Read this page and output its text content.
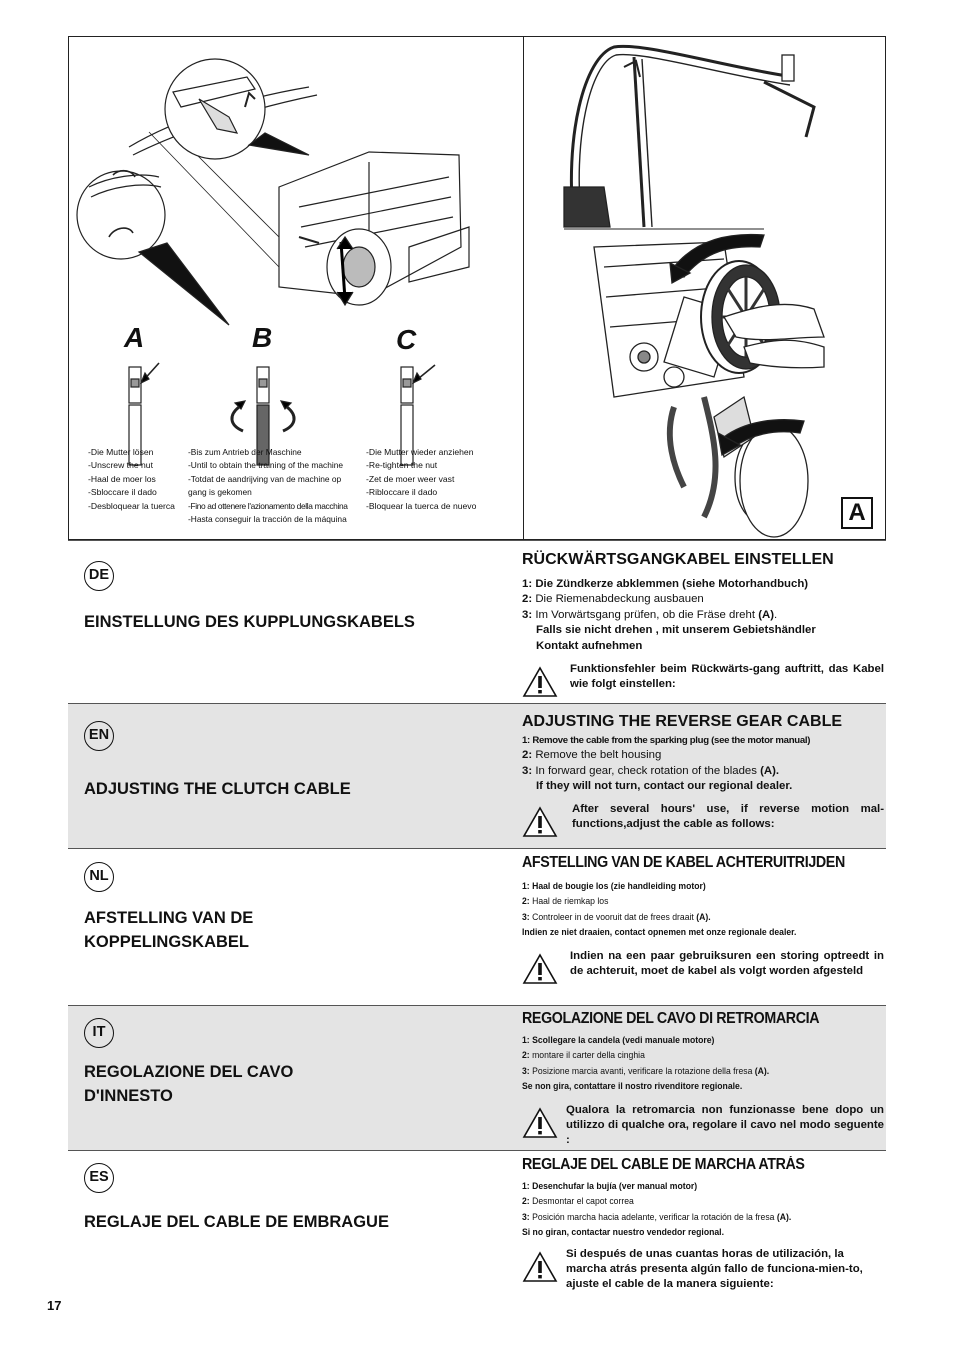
A	B	C
-Die Mutter lösen
-Unscrew the nut
-Haal de moer los
-Sbloccare il dado
-Desbloquear la tuerca
-Bis zum Antrieb der Maschine
-Until to obtain the training of the machine
-Totdat de aandrijving van de machine op
gang is gekomen
-Fino ad ottenere l'azionamento della macchina
-Hasta conseguir la tracción de la máquina
-Die Mutter wieder anziehen
-Re-tighten the nut
-Zet de moer weer vast
-Ribloccare il dado
-Bloquear la tuerca de nuevo	A
DE
EINSTELLUNG DES KUPPLUNGSKABELS
RÜCKWÄRTSGANGKABEL EINSTELLEN
1: Die Zündkerze abklemmen (siehe Motorhandbuch)
2: Die Riemenabdeckung ausbauen
3: Im Vorwärtsgang prüfen, ob die Fräse dreht (A).
Falls sie nicht drehen , mit unserem Gebietshändler
Kontakt aufnehmen
Funktionsfehler beim Rückwärts-gang auftritt, das Kabel wie folgt einstellen:
EN
ADJUSTING THE CLUTCH CABLE
ADJUSTING THE REVERSE GEAR CABLE
1: Remove the cable from the sparking plug (see the motor manual)
2: Remove the belt housing
3: In forward gear, check rotation of the blades (A).
If they will not turn, contact our regional dealer.
After several hours' use, if reverse motion mal-functions,adjust the cable as follows:
NL
AFSTELLING VAN DE KOPPELINGSKABEL
AFSTELLING VAN DE KABEL ACHTERUITRIJDEN
1: Haal de bougie los (zie handleiding motor)
2: Haal de riemkap los
3: Controleer in de vooruit dat de frees draait (A).
Indien ze niet draaien, contact opnemen met onze regionale dealer.
Indien na een paar gebruiksuren een storing optreedt in de achteruit, moet de kabel als volgt worden afgesteld
IT
REGOLAZIONE DEL CAVO D'INNESTO
REGOLAZIONE DEL CAVO DI RETROMARCIA
1: Scollegare la candela (vedi manuale motore)
2: montare il carter della cinghia
3: Posizione marcia avanti, verificare la rotazione della fresa (A).
Se non gira, contattare il nostro rivenditore regionale.
Qualora la retromarcia non funzionasse bene dopo un utilizzo di qualche ora, regolare il cavo nel modo seguente :
ES
REGLAJE DEL CABLE DE EMBRAGUE
REGLAJE DEL CABLE DE MARCHA ATRÁS
1: Desenchufar la bujía (ver manual motor)
2: Desmontar el capot correa
3: Posición marcha hacia adelante, verificar la rotación de la fresa (A).
Si no giran, contactar nuestro vendedor regional.
Si después de unas cuantas horas de utilización, la marcha atrás presenta algún fallo de funciona-mien-to, ajuste el cable de la manera siguiente:
17
